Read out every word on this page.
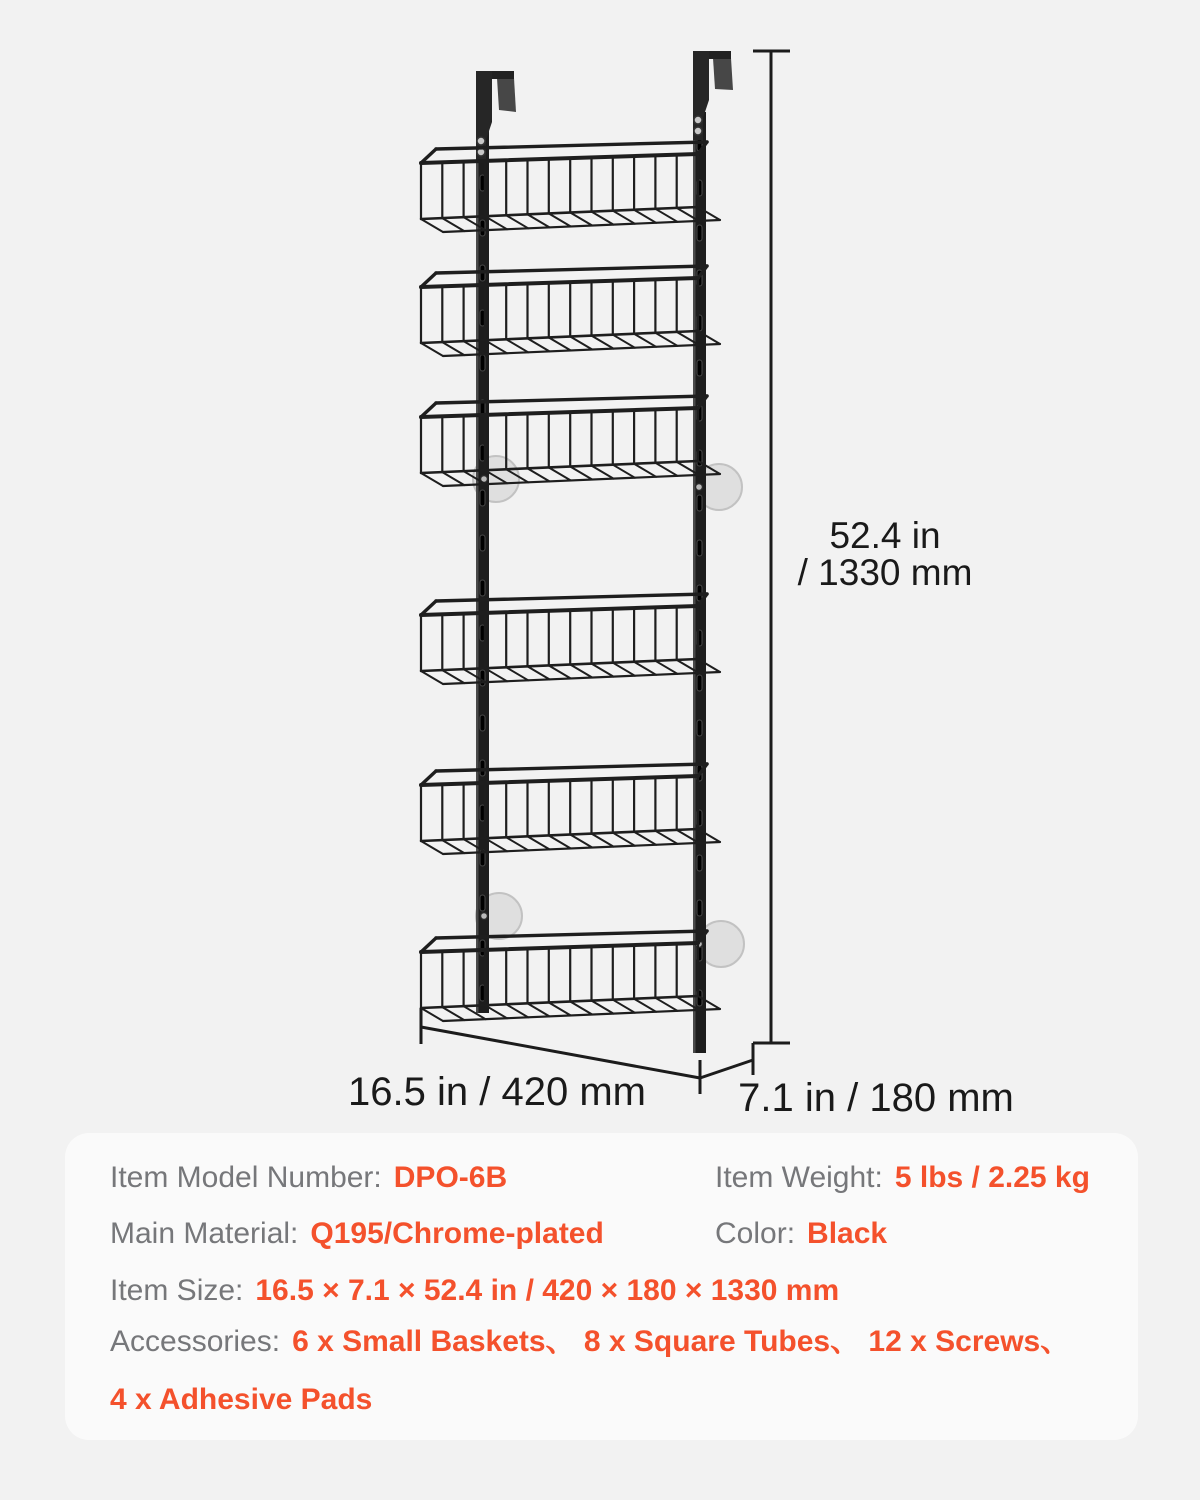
52.4 in
/ 1330 mm
16.5 in / 420 mm 7.1 in / 180 mm
Item Model Number: DPO-6B	Item Weight: 5 lbs / 2.25 kg
Main Material: Q195/Chrome-plated	Color: Black
Item Size: 16.5 × 7.1 × 52.4 in / 420 × 180 × 1330 mm
Accessories: 6 x Small Baskets、 8 x Square Tubes、 12 x Screws、
4 x Adhesive Pads
